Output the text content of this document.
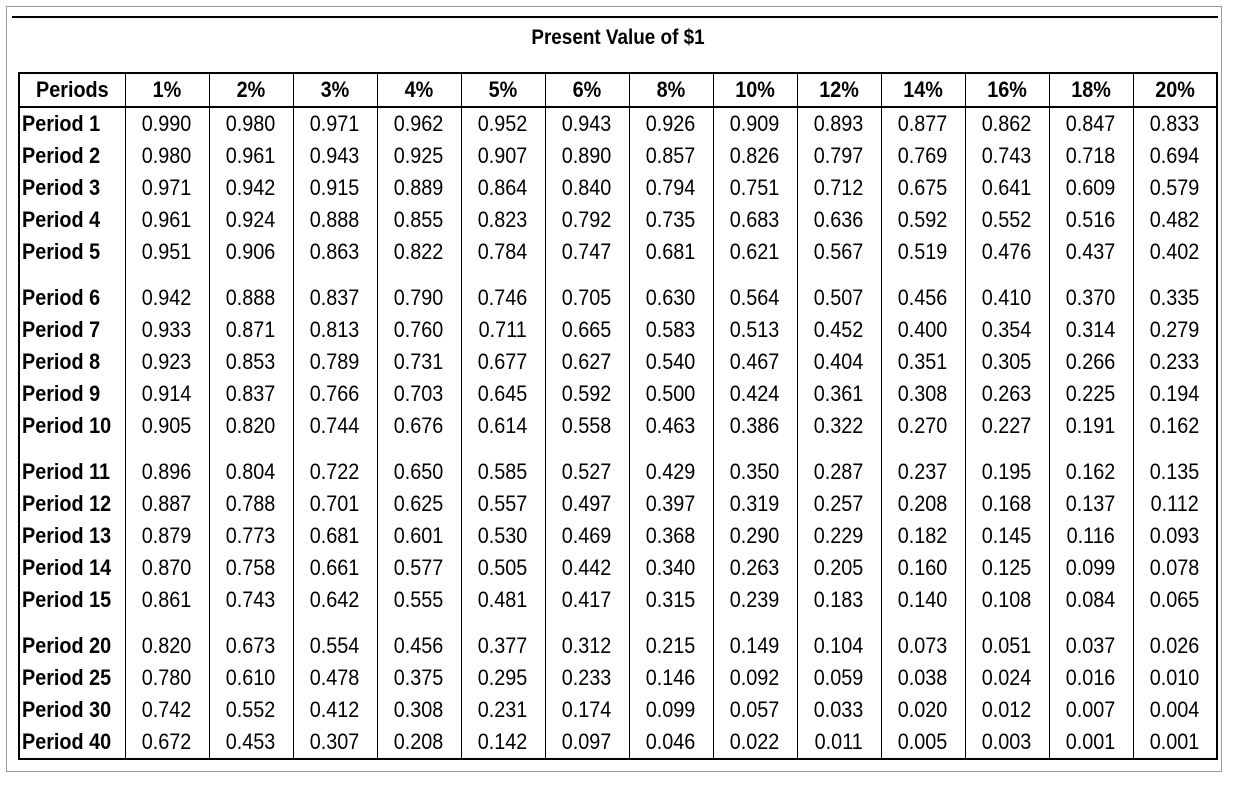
Present Value of $1
Periods	1%	2%	3%	4%	5%	6%	8%	10%	12%	14%	16%	18%	20%
Period 1	0.990	0.980	0.971	0.962	0.952	0.943	0.926	0.909	0.893	0.877	0.862	0.847	0.833
Period 2	0.980	0.961	0.943	0.925	0.907	0.890	0.857	0.826	0.797	0.769	0.743	0.718	0.694
Period 3	0.971	0.942	0.915	0.889	0.864	0.840	0.794	0.751	0.712	0.675	0.641	0.609	0.579
Period 4	0.961	0.924	0.888	0.855	0.823	0.792	0.735	0.683	0.636	0.592	0.552	0.516	0.482
Period 5	0.951	0.906	0.863	0.822	0.784	0.747	0.681	0.621	0.567	0.519	0.476	0.437	0.402
Period 6	0.942	0.888	0.837	0.790	0.746	0.705	0.630	0.564	0.507	0.456	0.410	0.370	0.335
Period 7	0.933	0.871	0.813	0.760	0.711	0.665	0.583	0.513	0.452	0.400	0.354	0.314	0.279
Period 8	0.923	0.853	0.789	0.731	0.677	0.627	0.540	0.467	0.404	0.351	0.305	0.266	0.233
Period 9	0.914	0.837	0.766	0.703	0.645	0.592	0.500	0.424	0.361	0.308	0.263	0.225	0.194
Period 10	0.905	0.820	0.744	0.676	0.614	0.558	0.463	0.386	0.322	0.270	0.227	0.191	0.162
Period 11	0.896	0.804	0.722	0.650	0.585	0.527	0.429	0.350	0.287	0.237	0.195	0.162	0.135
Period 12	0.887	0.788	0.701	0.625	0.557	0.497	0.397	0.319	0.257	0.208	0.168	0.137	0.112
Period 13	0.879	0.773	0.681	0.601	0.530	0.469	0.368	0.290	0.229	0.182	0.145	0.116	0.093
Period 14	0.870	0.758	0.661	0.577	0.505	0.442	0.340	0.263	0.205	0.160	0.125	0.099	0.078
Period 15	0.861	0.743	0.642	0.555	0.481	0.417	0.315	0.239	0.183	0.140	0.108	0.084	0.065
Period 20	0.820	0.673	0.554	0.456	0.377	0.312	0.215	0.149	0.104	0.073	0.051	0.037	0.026
Period 25	0.780	0.610	0.478	0.375	0.295	0.233	0.146	0.092	0.059	0.038	0.024	0.016	0.010
Period 30	0.742	0.552	0.412	0.308	0.231	0.174	0.099	0.057	0.033	0.020	0.012	0.007	0.004
Period 40	0.672	0.453	0.307	0.208	0.142	0.097	0.046	0.022	0.011	0.005	0.003	0.001	0.001
